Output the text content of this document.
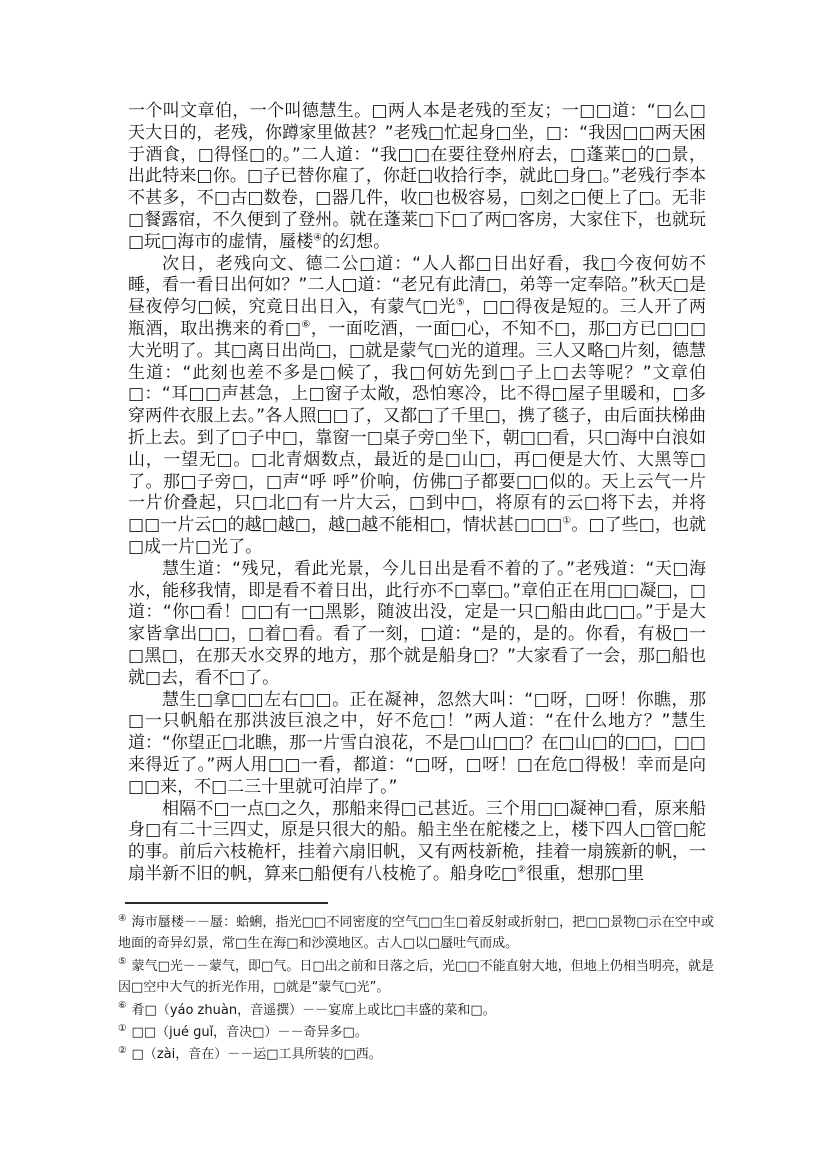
一个叫文章伯，一个叫德慧生。□两人本是老残的至友；一□□道：“□么□天大日的，老残，你蹲家里做甚？”老残□忙起身□坐，□：“我因□□两天困于酒食，□得怪□的。”二人道：“我□□在要往登州府去，□蓬莱□的□景，出此特来□你。□子已替你雇了，你赶□收拾行李，就此□身□。”老残行李本不甚多，不□古□数卷，□器几件，收□也极容易，□刻之□便上了□。无非□餐露宿，不久便到了登州。就在蓬莱□下□了两□客房，大家住下，也就玩□玩□海市的虚情，蜃楼④的幻想。

次日，老残向文、德二公□道：“人人都□日出好看，我□今夜何妨不睡，看一看日出何如？”二人□道：“老兄有此清□，弟等一定奉陪。”秋天□是昼夜停匀□候，究竟日出日入，有蒙气□光⑤，□□得夜是短的。三人开了两瓶酒，取出携来的肴□⑥，一面吃酒，一面□心，不知不□，那□方已□□□大光明了。其□离日出尚□，□就是蒙气□光的道理。三人又略□片刻，德慧生道：“此刻也差不多是□候了，我□何妨先到□子上□去等呢？”文章伯□：“耳□□声甚急，上□窗子太敞，恐怕寒冷，比不得□屋子里暖和，□多穿两件衣服上去。”各人照□□了，又都□了千里□，携了毯子，由后面扶梯曲折上去。到了□子中□，靠窗一□桌子旁□坐下，朝□□看，只□海中白浪如山，一望无□。□北青烟数点，最近的是□山□，再□便是大竹、大黑等□了。那□子旁□，□声“呼 呼”价响，仿佛□子都要□□似的。天上云气一片一片价叠起，只□北□有一片大云，□到中□，将原有的云□将下去，并将□□一片云□的越□越□，越□越不能相□，情状甚□□□①。□了些□，也就□成一片□光了。

慧生道：“残兄，看此光景，今儿日出是看不着的了。”老残道：“天□海水，能移我情，即是看不着日出，此行亦不□辜□。”章伯正在用□□凝□，□道：“你□看！□□有一□黑影，随波出没，定是一只□船由此□□。”于是大家皆拿出□□，□着□看。看了一刻，□道：“是的，是的。你看，有极□一□黑□，在那天水交界的地方，那个就是船身□？”大家看了一会，那□船也就□去，看不□了。

慧生□拿□□左右□□。正在凝神，忽然大叫：“□呀，□呀！你瞧，那□一只帆船在那洪波巨浪之中，好不危□！”两人道：“在什么地方？”慧生道：“你望正□北瞧，那一片雪白浪花，不是□山□□？在□山□的□□，□□来得近了。”两人用□□一看，都道：“□呀，□呀！□在危□得极！幸而是向□□来，不□二三十里就可泊岸了。”

相隔不□一点□之久，那船来得□己甚近。三个用□□凝神□看，原来船身□有二十三四丈，原是只很大的船。船主坐在舵楼之上，楼下四人□管□舵的事。前后六枝桅杆，挂着六扇旧帆，又有两枝新桅，挂着一扇簇新的帆，一扇半新不旧的帆，算来□船便有八枝桅了。船身吃□②很重，想那□里

④ 海市蜃楼－－蜃：蛤蜊，指光□□不同密度的空气□□生□着反射或折射□，把□□景物□示在空中或地面的奇异幻景，常□生在海□和沙漠地区。古人□以□蜃吐气而成。
⑤ 蒙气□光－－蒙气，即□气。日□出之前和日落之后，光□□不能直射大地，但地上仍相当明亮，就是因□空中大气的折光作用，□就是“蒙气□光”。
⑥ 肴□（yáo zhuàn，音遥撰）－－宴席上或比□丰盛的菜和□。
① □□（jué ɡuǐ，音决□）－－奇异多□。
② □（zài，音在）－－运□工具所装的□西。
